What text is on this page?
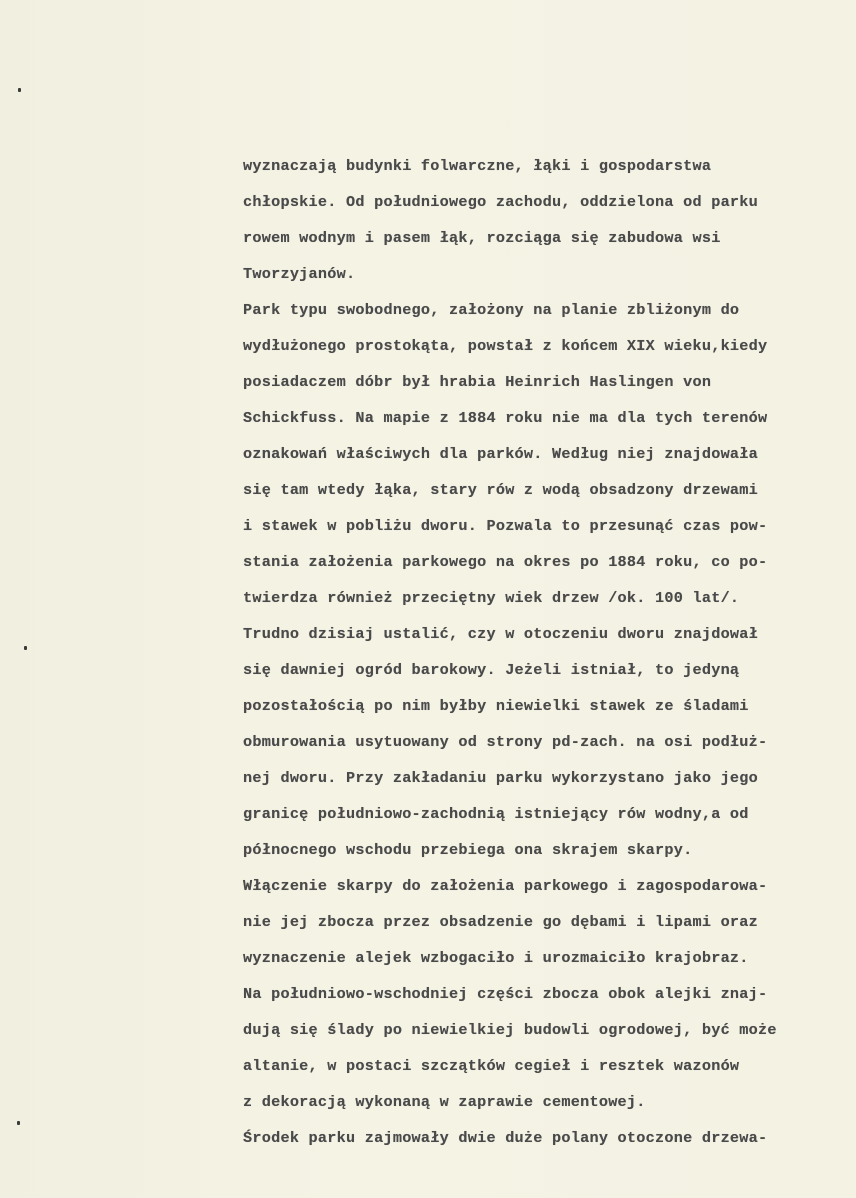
wyznaczają budynki folwarczne, łąki i gospodarstwa
chłopskie. Od południowego zachodu, oddzielona od parku
rowem wodnym i pasem łąk, rozciąga się zabudowa wsi
Tworzyjanów.
Park typu swobodnego, założony na planie zbliżonym do
wydłużonego prostokąta, powstał z końcem XIX wieku,kiedy
posiadaczem dóbr był hrabia Heinrich Haslingen von
Schickfuss. Na mapie z 1884 roku nie ma dla tych terenów
oznakowań właściwych dla parków. Według niej znajdowała
się tam wtedy łąka, stary rów z wodą obsadzony drzewami
i stawek w pobliżu dworu. Pozwala to przesunąć czas pow-
stania założenia parkowego na okres po 1884 roku, co po-
twierdza również przeciętny wiek drzew /ok. 100 lat/.
Trudno dzisiaj ustalić, czy w otoczeniu dworu znajdował
się dawniej ogród barokowy. Jeżeli istniał, to jedyną
pozostałością po nim byłby niewielki stawek ze śladami
obmurowania usytuowany od strony pd-zach. na osi podłuż-
nej dworu. Przy zakładaniu parku wykorzystano jako jego
granicę południowo-zachodnią istniejący rów wodny,a od
północnego wschodu przebiega ona skrajem skarpy.
Włączenie skarpy do założenia parkowego i zagospodarowa-
nie jej zbocza przez obsadzenie go dębami i lipami oraz
wyznaczenie alejek wzbogaciło i urozmaiciło krajobraz.
Na południowo-wschodniej części zbocza obok alejki znaj-
dują się ślady po niewielkiej budowli ogrodowej, być może
altanie, w postaci szczątków cegieł i resztek wazonów
z dekoracją wykonaną w zaprawie cementowej.
Środek parku zajmowały dwie duże polany otoczone drzewa-
